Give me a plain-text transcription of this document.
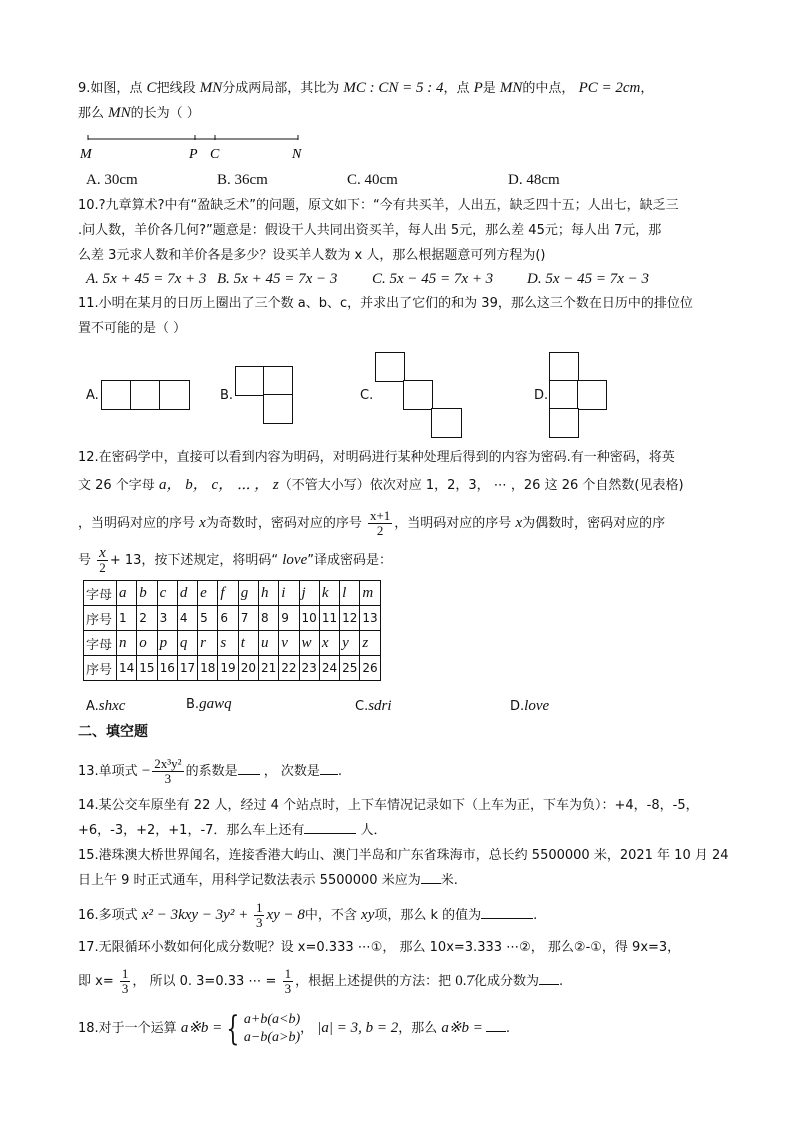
9.如图，点 C把线段 MN分成两局部，其比为 MC : CN = 5 : 4，点 P是 MN的中点， PC = 2cm，
那么 MN的长为（ ）
M	P C	N
A. 30cm	B. 36cm	C. 40cm	D. 48cm
10.?九章算术?中有“盈缺乏术”的问题，原文如下：“今有共买羊，人出五，缺乏四十五；人出七，缺乏三
.问人数，羊价各几何?”题意是：假设干人共同出资买羊，每人出 5元，那么差 45元；每人出 7元，那
么差 3元求人数和羊价各是多少？设买羊人数为 x 人，那么根据题意可列方程为()
A. 5x + 45 = 7x + 3 B. 5x + 45 = 7x − 3 C. 5x − 45 = 7x + 3 D. 5x − 45 = 7x − 3
11.小明在某月的日历上圈出了三个数 a、b、c，并求出了它们的和为 39，那么这三个数在日历中的排位位
置不可能的是（ ）
A.	B.	C.	D.
12.在密码学中，直接可以看到内容为明码，对明码进行某种处理后得到的内容为密码.有一种密码，将英
文 26 个字母 a， b， c， ⋯ ， z（不管大小写）依次对应 1，2，3， ⋯ ，26 这 26 个自然数(见表格)
，当明码对应的序号 x为奇数时，密码对应的序号 $\frac{x+1}{2}$ ，当明码对应的序号 x为偶数时，密码对应的序
号 $\frac{x}{2} + 13$，按下述规定，将明码“ love”译成密码是：
字母	a	b	c	d	e	f	g	h	i	j	k	l	m
序号	1	2	3	4	5	6	7	8	9	10	11	12	13
字母	n	o	p	q	r	s	t	u	v	w	x	y	z
序号	14	15	16	17	18	19	20	21	22	23	24	25	26
A.shxc	B.gawq	C.sdri	D.love
二、填空题
13.单项式 − $\frac{\text{2x³y²}}{3}$ 的系数是 ， 次数是 .
14.某公交车原坐有 22 人，经过 4 个站点时，上下车情况记录如下（上车为正，下车为负）：+4，-8，-5，
+6，-3，+2，+1，-7．那么车上还有	人．
15.港珠澳大桥世界闻名，连接香港大屿山、澳门半岛和广东省珠海市，总长约 5500000 米，2021 年 10 月 24
日上午 9 时正式通车，用科学记数法表示 5500000 米应为 米.
16.多项式 $x^2 - 3kxy - 3y^2 + \frac{1}{3}$ xy − 8中，不含 xy项，那么 k 的值为	.
17.无限循环小数如何化成分数呢？设 x=0.333 ⋯①， 那么 10x=3.333 ⋯②， 那么②-①，得 9x=3，
即 $x= \frac{1}{3}$ ， 所以 0. 3̇=0.33 ⋯ = $\frac{1}{3}$ ，根据上述提供的方法：把 0.7̇化成分数为 .
18.对于一个运算 a※b = { a+b(a<b)
a−b(a>b)
， |a| = 3, b = 2，那么 a※b = .
